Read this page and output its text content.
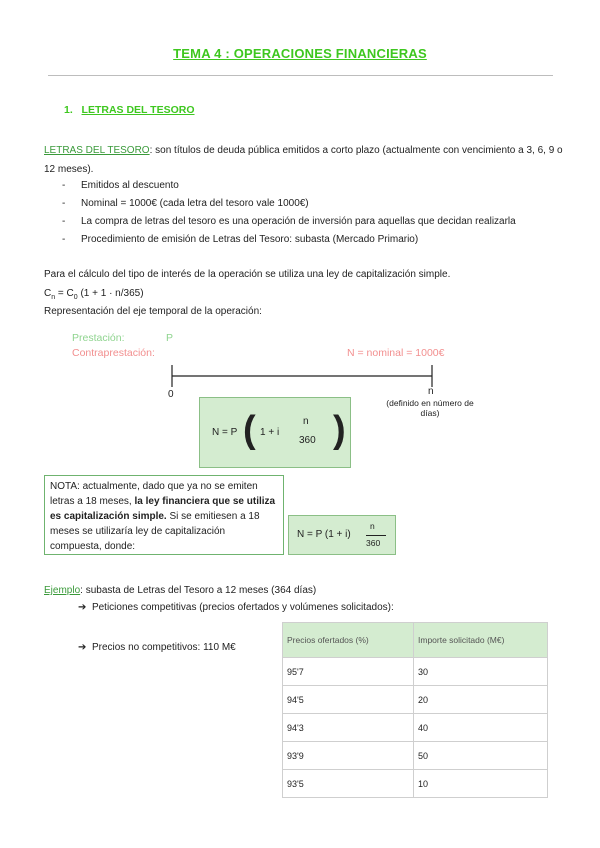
TEMA 4 : OPERACIONES FINANCIERAS
1. LETRAS DEL TESORO
LETRAS DEL TESORO: son títulos de deuda pública emitidos a corto plazo (actualmente con vencimiento a 3, 6, 9 o 12 meses).
- Emitidos al descuento
- Nominal = 1000€ (cada letra del tesoro vale 1000€)
- La compra de letras del tesoro es una operación de inversión para aquellas que decidan realizarla
- Procedimiento de emisión de Letras del Tesoro: subasta (Mercado Primario)
Para el cálculo del tipo de interés de la operación se utiliza una ley de capitalización simple.
$C_n = C_0$ (1 + 1 · n/365)
Representación del eje temporal de la operación:
Prestación:	P
Contraprestación:	N = nominal = 1000€
0	n
(definido en número de días)
N = P ( 1 + i
n
360 )
NOTA: actualmente, dado que ya no se emiten letras a 18 meses, la ley financiera que se utiliza es capitalización simple. Si se emitiesen a 18 meses se utilizaría ley de capitalización compuesta, donde:
N = P (1 + i)
n
360
Ejemplo: subasta de Letras del Tesoro a 12 meses (364 días)
➔ Peticiones competitivas (precios ofertados y volúmenes solicitados):
➔ Precios no competitivos: 110 M€
Precios ofertados (%)	Importe solicitado (M€)
95'7	30
94'5	20
94'3	40
93'9	50
93'5	10
